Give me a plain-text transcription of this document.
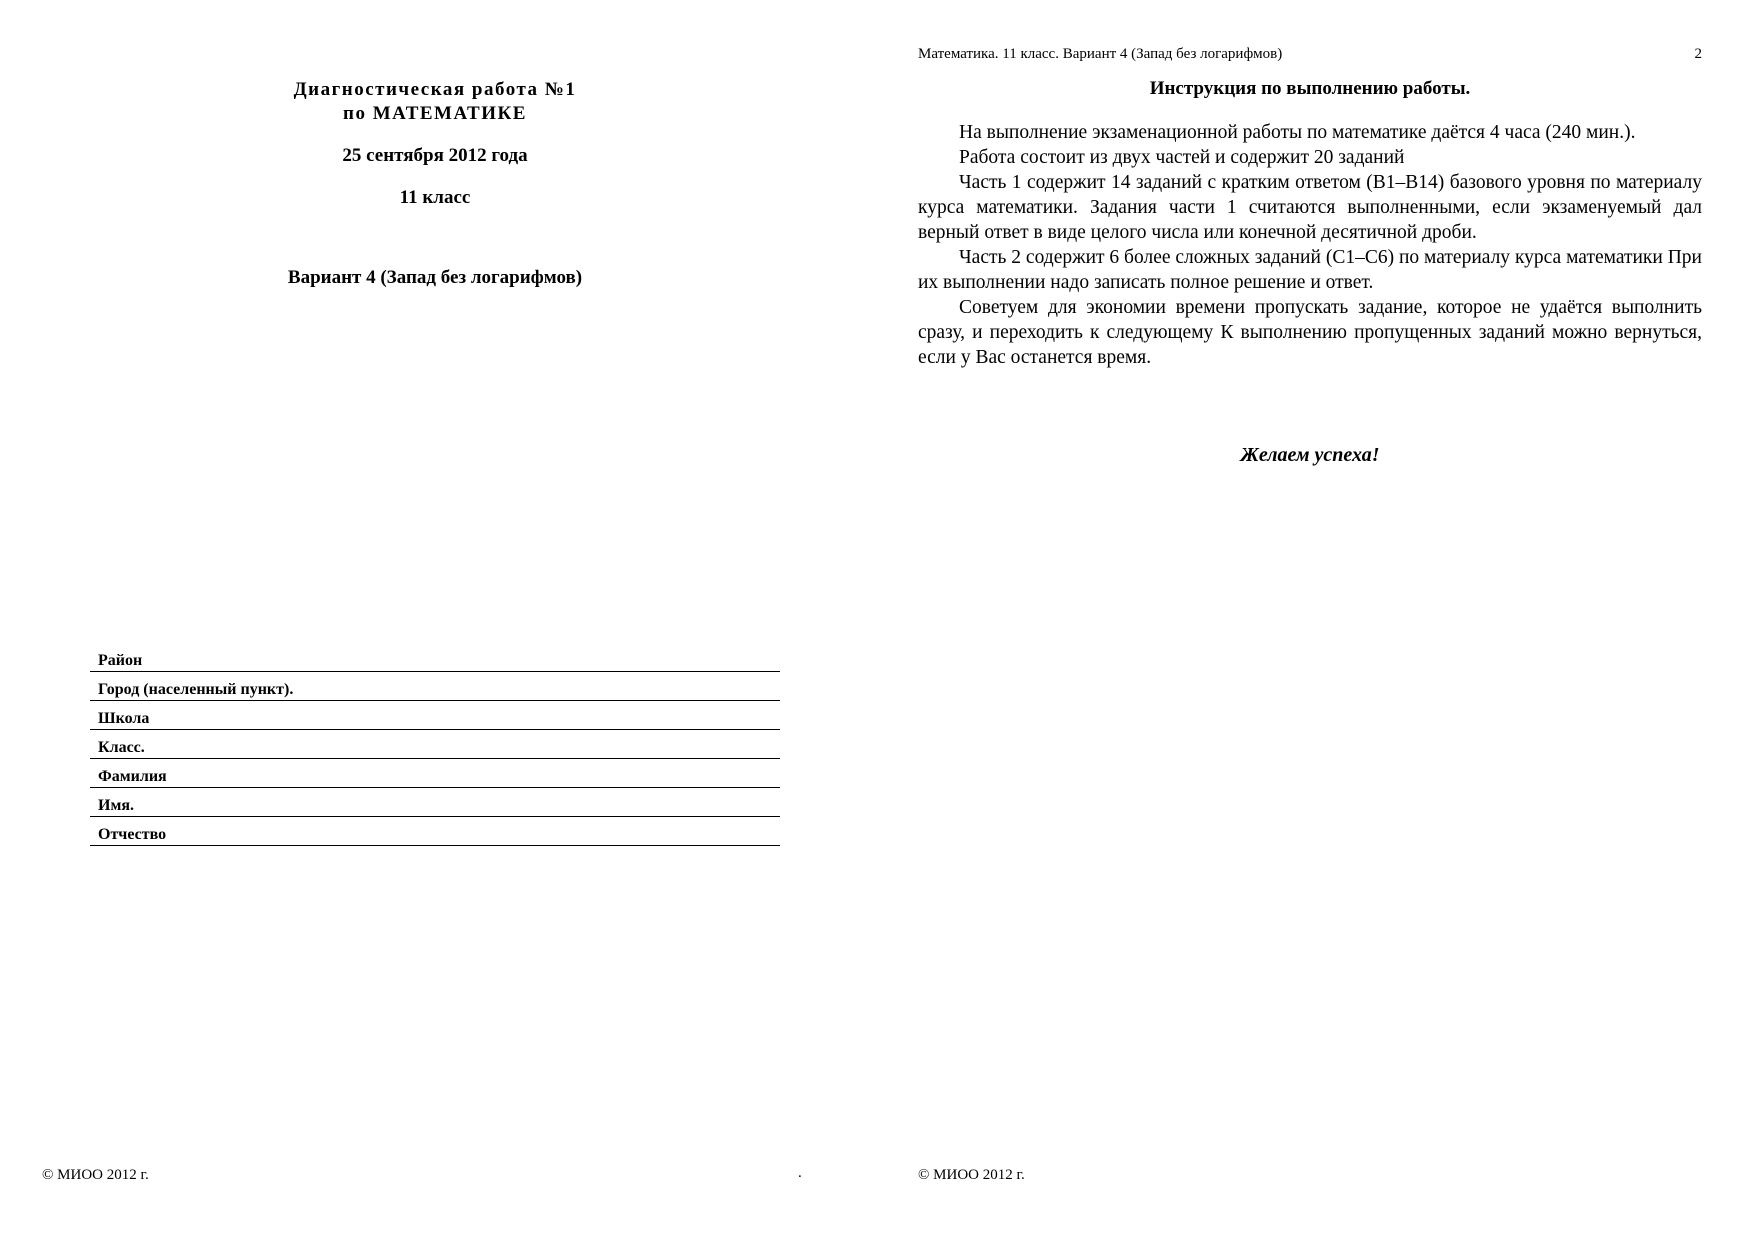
Диагностическая работа №1
по МАТЕМАТИКЕ
25 сентября 2012 года
11 класс
Вариант 4 (Запад без логарифмов)
Район
Город (населенный пункт).
Школа
Класс.
Фамилия
Имя.
Отчество
© МИОО 2012 г.	.
Математика. 11 класс. Вариант 4 (Запад без логарифмов)	2
Инструкция по выполнению работы.

На выполнение экзаменационной работы по математике даётся 4 часа (240 мин.).

Работа состоит из двух частей и содержит 20 заданий

Часть 1 содержит 14 заданий с кратким ответом (В1–В14) базового уровня по материалу курса математики. Задания части 1 считаются выполненными, если экзаменуемый дал верный ответ в виде целого числа или конечной десятичной дроби.

Часть 2 содержит 6 более сложных заданий (С1–С6) по материалу курса математики При их выполнении надо записать полное решение и ответ.

Советуем для экономии времени пропускать задание, которое не удаётся выполнить сразу, и переходить к следующему К выполнению пропущенных заданий можно вернуться, если у Вас останется время.

Желаем успеха!
© МИОО 2012 г.
